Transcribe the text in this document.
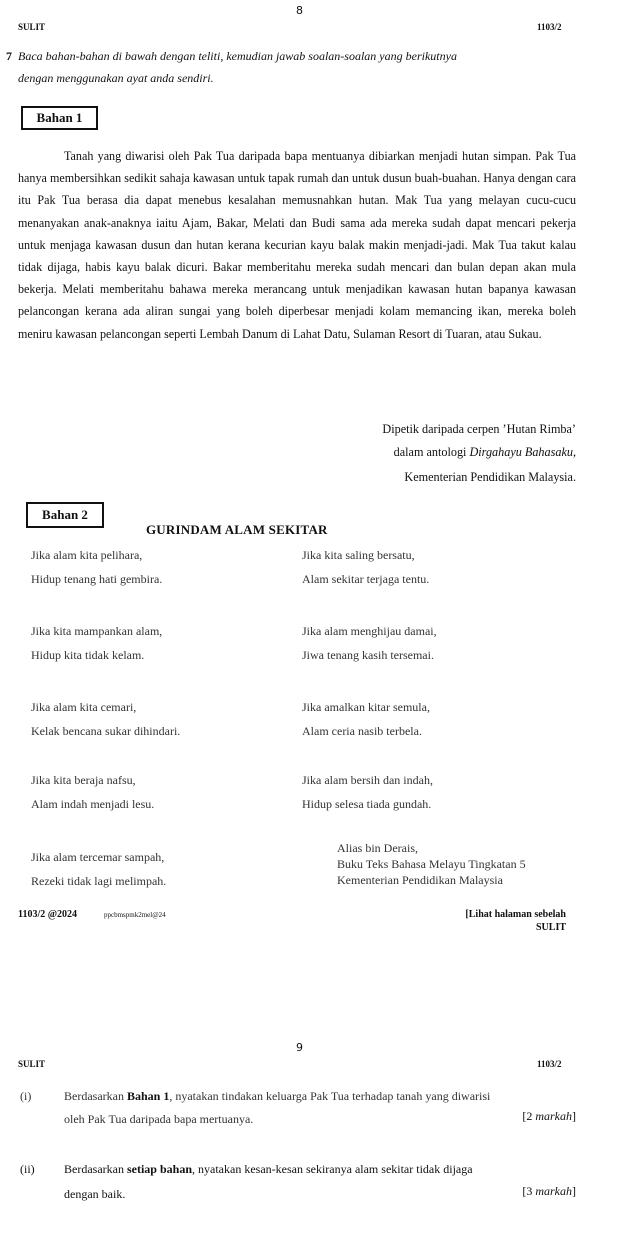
8
SULIT	1103/2
7 Baca bahan-bahan di bawah dengan teliti, kemudian jawab soalan-soalan yang berikutnya
dengan menggunakan ayat anda sendiri.
Bahan 1
Tanah yang diwarisi oleh Pak Tua daripada bapa mentuanya dibiarkan menjadi hutan simpan. Pak Tua hanya membersihkan sedikit sahaja kawasan untuk tapak rumah dan untuk dusun buah-buahan. Hanya dengan cara itu Pak Tua berasa dia dapat menebus kesalahan memusnahkan hutan. Mak Tua yang melayan cucu-cucu menanyakan anak-anaknya iaitu Ajam, Bakar, Melati dan Budi sama ada mereka sudah dapat mencari pekerja untuk menjaga kawasan dusun dan hutan kerana kecurian kayu balak makin menjadi-jadi. Mak Tua takut kalau tidak dijaga, habis kayu balak dicuri. Bakar memberitahu mereka sudah mencari dan bulan depan akan mula bekerja. Melati memberitahu bahawa mereka merancang untuk menjadikan kawasan hutan bapanya kawasan pelancongan kerana ada aliran sungai yang boleh diperbesar menjadi kolam memancing ikan, mereka boleh meniru kawasan pelancongan seperti Lembah Danum di Lahat Datu, Sulaman Resort di Tuaran, atau Sukau.
Dipetik daripada cerpen ’Hutan Rimba’
dalam antologi Dirgahayu Bahasaku,
Kementerian Pendidikan Malaysia.
Bahan 2
GURINDAM ALAM SEKITAR
Jika alam kita pelihara,
Hidup tenang hati gembira.
Jika kita mampankan alam,
Hidup kita tidak kelam.
Jika alam kita cemari,
Kelak bencana sukar dihindari.
Jika kita beraja nafsu,
Alam indah menjadi lesu.
Jika alam tercemar sampah,
Rezeki tidak lagi melimpah.
Jika kita saling bersatu,
Alam sekitar terjaga tentu.
Jika alam menghijau damai,
Jiwa tenang kasih tersemai.
Jika amalkan kitar semula,
Alam ceria nasib terbela.
Jika alam bersih dan indah,
Hidup selesa tiada gundah.
Alias bin Derais,
Buku Teks Bahasa Melayu Tingkatan 5
Kementerian Pendidikan Malaysia
1103/2 @2024	ppcbmspmk2mel@24	[Lihat halaman sebelah
SULIT
9
SULIT	1103/2
(i)	Berdasarkan Bahan 1, nyatakan tindakan keluarga Pak Tua terhadap tanah yang diwarisi
oleh Pak Tua daripada bapa mertuanya.	[2 markah]
(ii) Berdasarkan setiap bahan, nyatakan kesan-kesan sekiranya alam sekitar tidak dijaga
dengan baik.	[3 markah]
